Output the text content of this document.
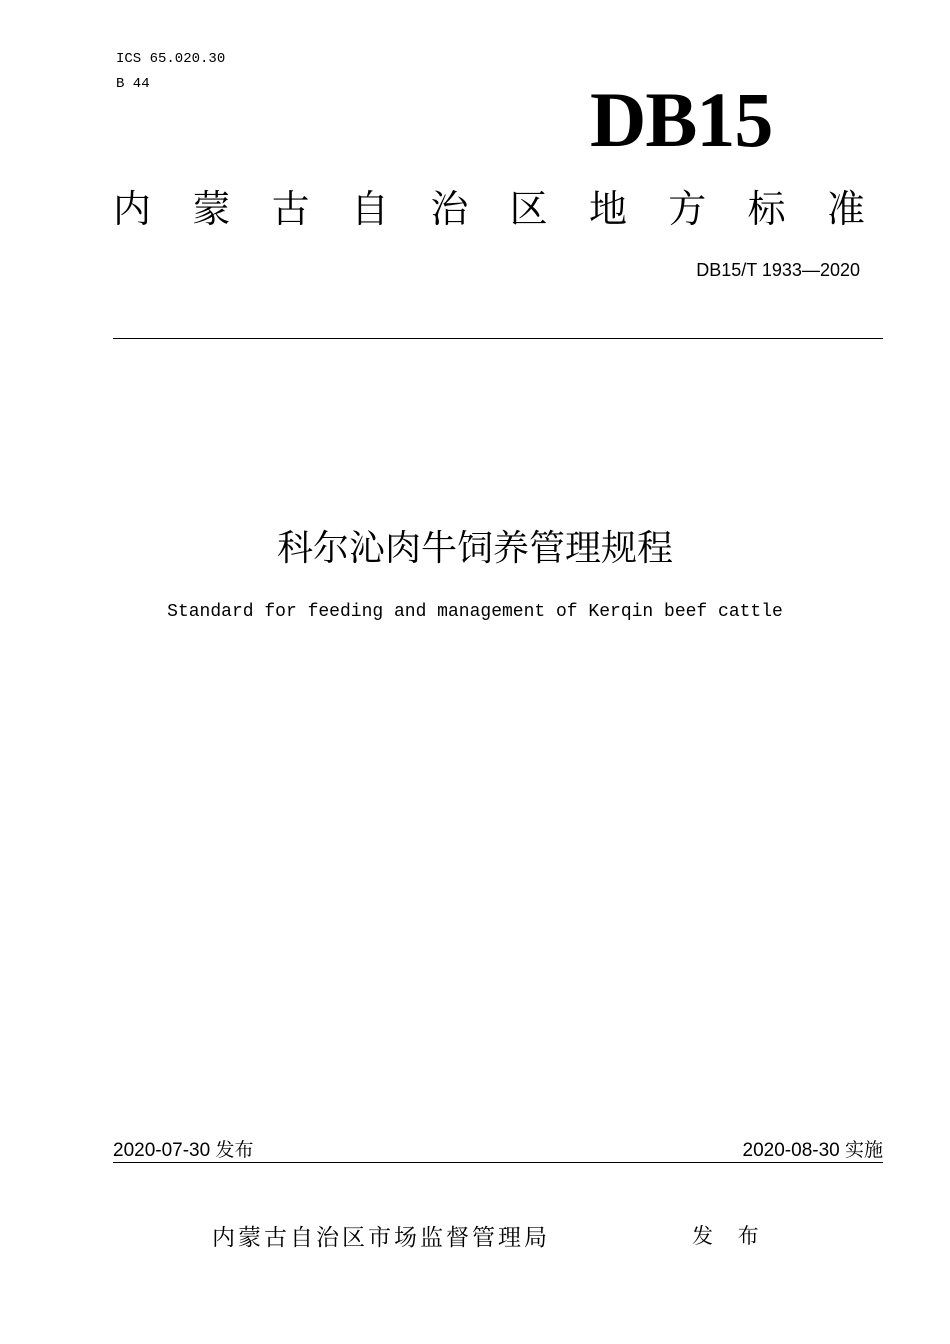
ICS 65.020.30
B 44	DB15
内 蒙 古 自 治 区 地 方 标 准
DB15/T 1933—2020
科尔沁肉牛饲养管理规程
Standard for feeding and management of Kerqin beef cattle
2020-07-30 发布	2020-08-30 实施
内蒙古自治区市场监督管理局	发 布
